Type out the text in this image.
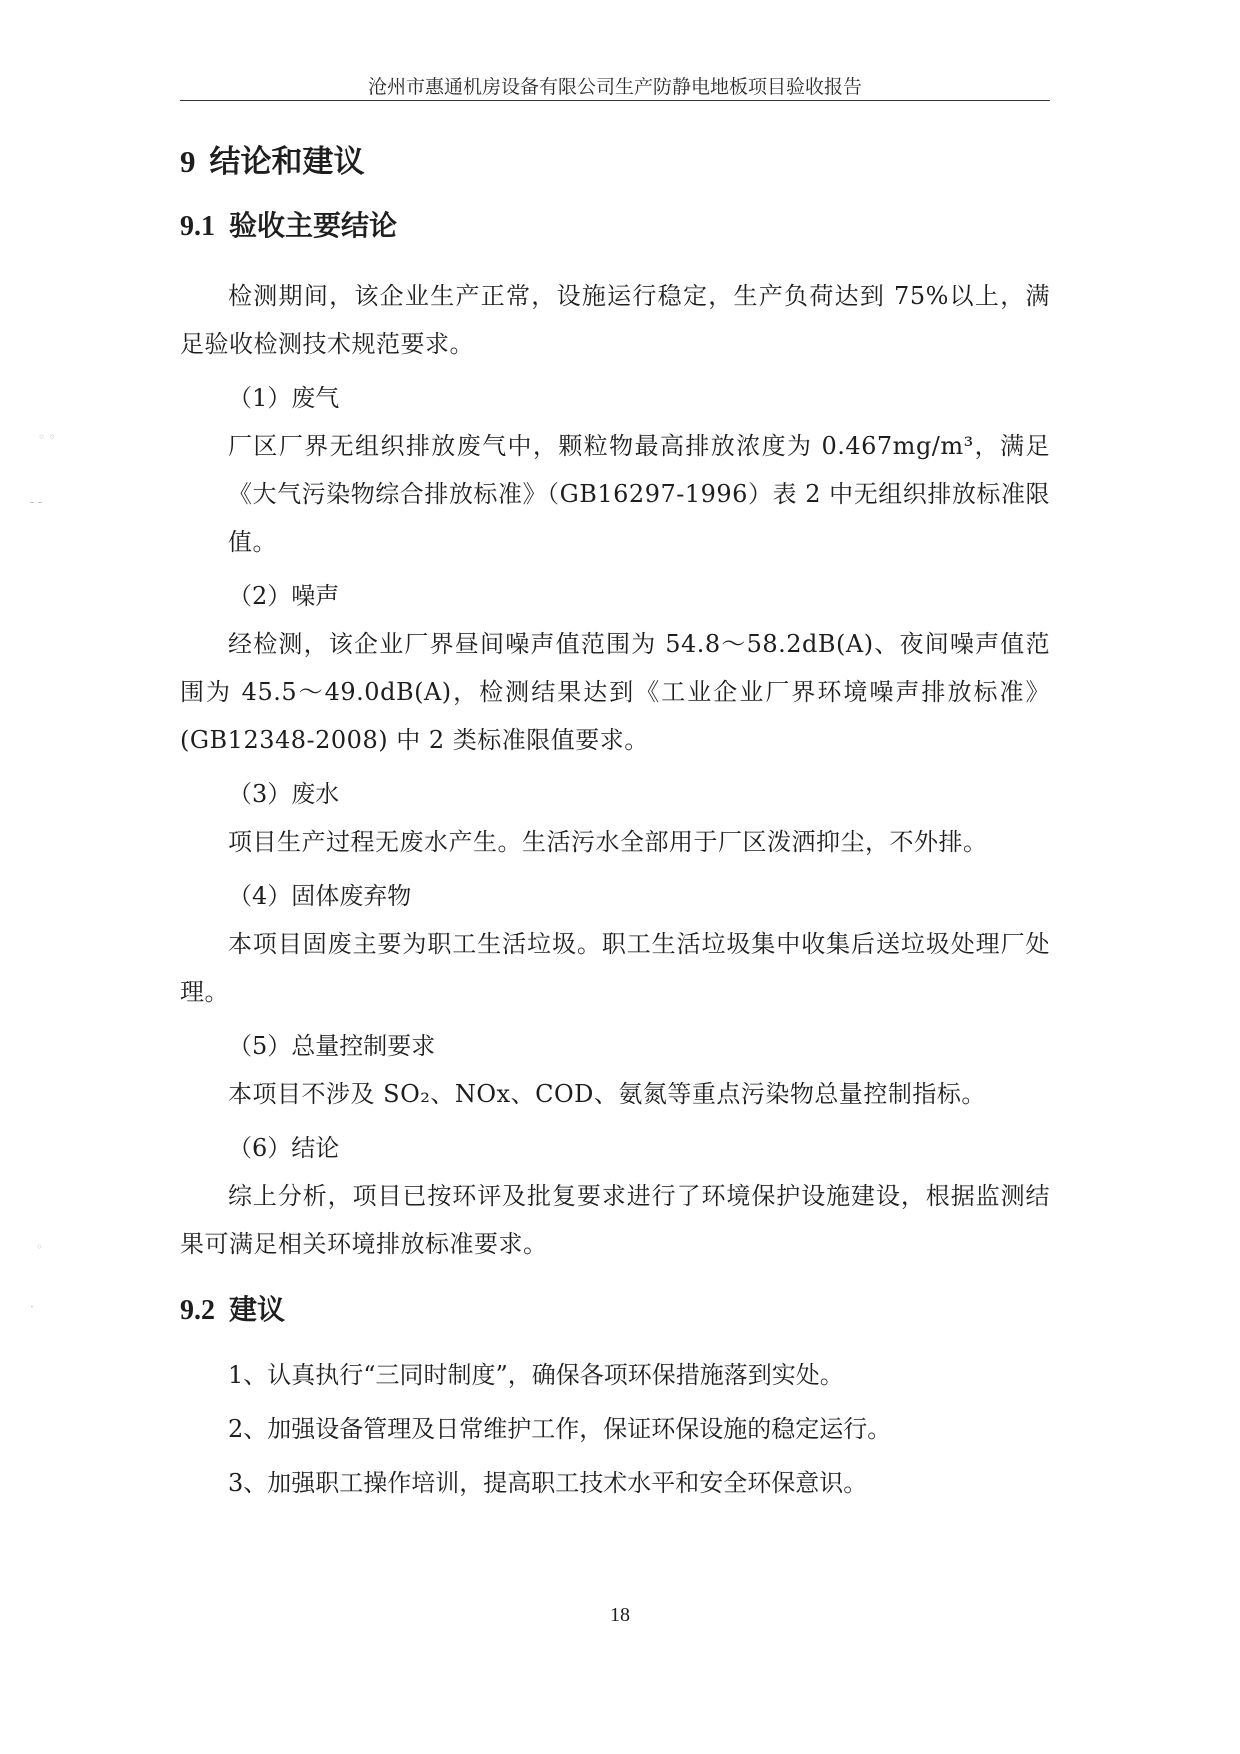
沧州市惠通机房设备有限公司生产防静电地板项目验收报告
9 结论和建议
9.1 验收主要结论

检测期间，该企业生产正常，设施运行稳定，生产负荷达到 75%以上，满足验收检测技术规范要求。

（1）废气

厂区厂界无组织排放废气中，颗粒物最高排放浓度为 0.467mg/m³，满足《大气污染物综合排放标准》（GB16297-1996）表 2 中无组织排放标准限值。

（2）噪声

经检测，该企业厂界昼间噪声值范围为 54.8～58.2dB(A)、夜间噪声值范围为 45.5～49.0dB(A)，检测结果达到《工业企业厂界环境噪声排放标准》(GB12348-2008) 中 2 类标准限值要求。

（3）废水

项目生产过程无废水产生。生活污水全部用于厂区泼洒抑尘，不外排。

（4）固体废弃物

本项目固废主要为职工生活垃圾。职工生活垃圾集中收集后送垃圾处理厂处理。

（5）总量控制要求

本项目不涉及 SO₂、NOx、COD、氨氮等重点污染物总量控制指标。

（6）结论

综上分析，项目已按环评及批复要求进行了环境保护设施建设，根据监测结果可满足相关环境排放标准要求。

9.2 建议

1、认真执行“三同时制度”，确保各项环保措施落到实处。

2、加强设备管理及日常维护工作，保证环保设施的稳定运行。

3、加强职工操作培训，提高职工技术水平和安全环保意识。

18
◦ ◦
- -
◦
·
